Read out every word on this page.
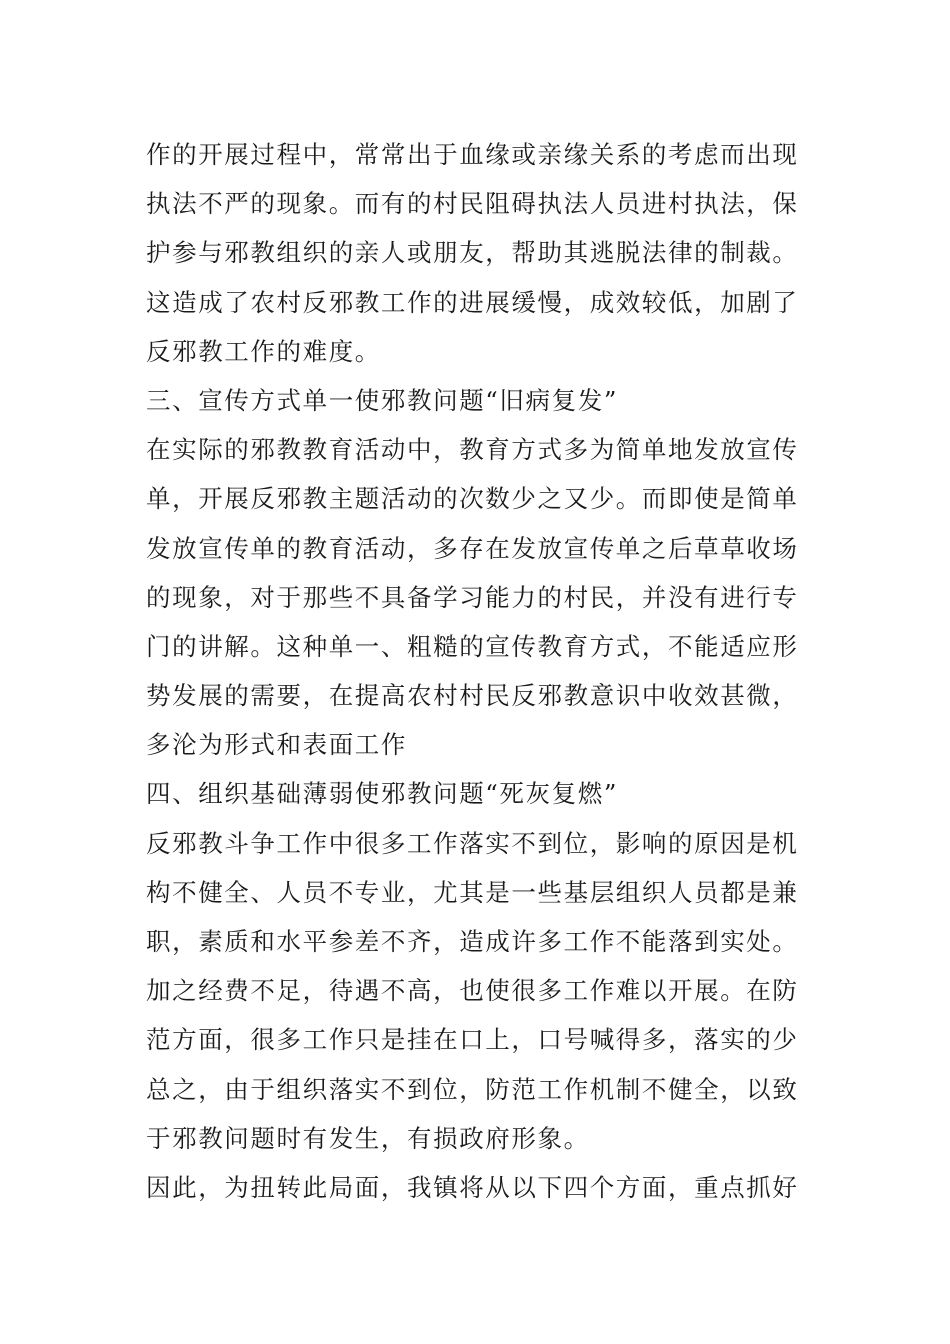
作的开展过程中，常常出于血缘或亲缘关系的考虑而出现
执法不严的现象。而有的村民阻碍执法人员进村执法，保
护参与邪教组织的亲人或朋友，帮助其逃脱法律的制裁。
这造成了农村反邪教工作的进展缓慢，成效较低，加剧了
反邪教工作的难度。
三、宣传方式单一使邪教问题“旧病复发”
在实际的邪教教育活动中，教育方式多为简单地发放宣传
单，开展反邪教主题活动的次数少之又少。而即使是简单
发放宣传单的教育活动，多存在发放宣传单之后草草收场
的现象，对于那些不具备学习能力的村民，并没有进行专
门的讲解。这种单一、粗糙的宣传教育方式，不能适应形
势发展的需要，在提高农村村民反邪教意识中收效甚微，
多沦为形式和表面工作
四、组织基础薄弱使邪教问题“死灰复燃”
反邪教斗争工作中很多工作落实不到位，影响的原因是机
构不健全、人员不专业，尤其是一些基层组织人员都是兼
职，素质和水平参差不齐，造成许多工作不能落到实处。
加之经费不足，待遇不高，也使很多工作难以开展。在防
范方面，很多工作只是挂在口上，口号喊得多，落实的少
总之，由于组织落实不到位，防范工作机制不健全，以致
于邪教问题时有发生，有损政府形象。
因此，为扭转此局面，我镇将从以下四个方面，重点抓好
